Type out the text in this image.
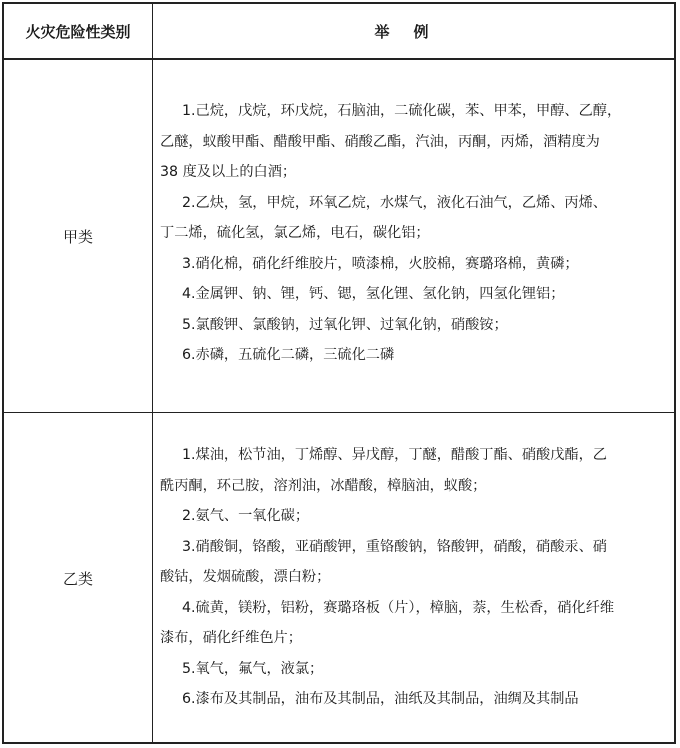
火灾危险性类别	举例
甲类
乙类
1.己烷，戊烷，环戊烷，石脑油，二硫化碳，苯、甲苯，甲醇、乙醇，
乙醚，蚁酸甲酯、醋酸甲酯、硝酸乙酯，汽油，丙酮，丙烯，酒精度为
38 度及以上的白酒；
2.乙炔，氢，甲烷，环氧乙烷，水煤气，液化石油气，乙烯、丙烯、
丁二烯，硫化氢，氯乙烯，电石，碳化铝；
3.硝化棉，硝化纤维胶片，喷漆棉，火胶棉，赛璐珞棉，黄磷；
4.金属钾、钠、锂，钙、锶，氢化锂、氢化钠，四氢化锂铝；
5.氯酸钾、氯酸钠，过氧化钾、过氧化钠，硝酸铵；
6.赤磷，五硫化二磷，三硫化二磷
1.煤油，松节油，丁烯醇、异戊醇，丁醚，醋酸丁酯、硝酸戊酯，乙
酰丙酮，环己胺，溶剂油，冰醋酸，樟脑油，蚁酸；
2.氨气、一氧化碳；
3.硝酸铜，铬酸，亚硝酸钾，重铬酸钠，铬酸钾，硝酸，硝酸汞、硝
酸钴，发烟硫酸，漂白粉；
4.硫黄，镁粉，铝粉，赛璐珞板（片），樟脑，萘，生松香，硝化纤维
漆布，硝化纤维色片；
5.氧气，氟气，液氯；
6.漆布及其制品，油布及其制品，油纸及其制品，油绸及其制品
